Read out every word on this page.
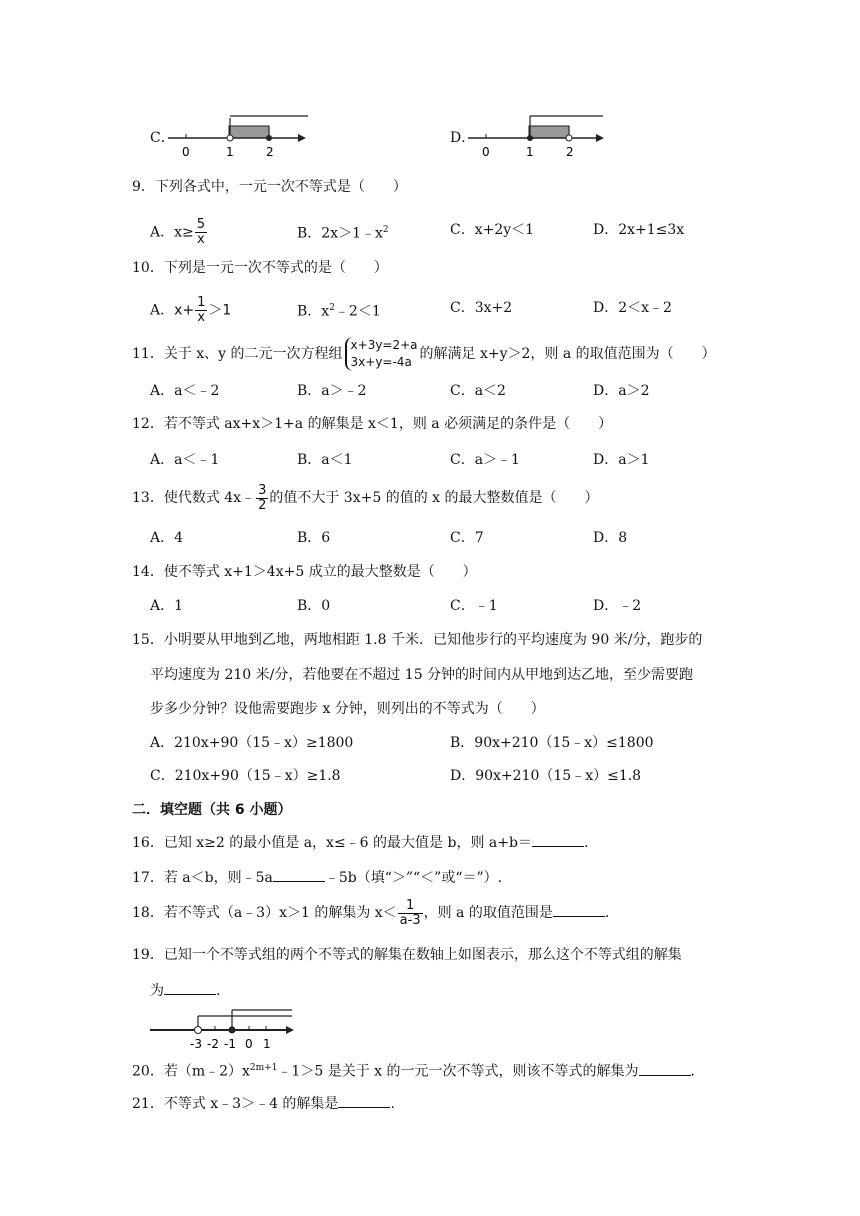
C．
0	1	2
D．
0	1	2
9．下列各式中，一元一次不等式是（　　）
A．$x\ge \frac{5}{x}$	B．$2x>1﹣x^2$	C．x+2y＜1	D．2x+1≤3x
10．下列是一元一次不等式的是（　　）
A．$x+ \frac{1}{x} >1$	B．$x^2﹣2<1$	C．3x+2	D．2＜x﹣2
11．关于 x、y 的二元一次方程组
x+3y=2+a
3x+y=-4a 的解满足 x+y＞2，则 a 的取值范围为（　　）
A．a＜﹣2	B．a＞﹣2	C．a＜2	D．a＞2
12．若不等式 ax+x＞1+a 的解集是 x＜1，则 a 必须满足的条件是（　　）
A．a＜﹣1	B．a＜1	C．a＞﹣1	D．a＞1
13．使代数式 4x﹣ $\frac{3}{2}$ 的值不大于 3x+5 的值的 x 的最大整数值是（　　）
A．4	B．6	C．7	D．8
14．使不等式 x+1＞4x+5 成立的最大整数是（　　）
A．1	B．0	C．﹣1	D．﹣2
15．小明要从甲地到乙地，两地相距 1.8 千米．已知他步行的平均速度为 90 米/分，跑步的
平均速度为 210 米/分，若他要在不超过 15 分钟的时间内从甲地到达乙地，至少需要跑
步多少分钟？设他需要跑步 x 分钟，则列出的不等式为（　　）
A．210x+90（15﹣x）≥1800	B．90x+210（15﹣x）≤1800
C．210x+90（15﹣x）≥1.8	D．90x+210（15﹣x）≤1.8
二．填空题（共 6 小题）
16．已知 x≥2 的最小值是 a，x≤﹣6 的最大值是 b，则 a+b＝	.
17．若 a＜b，则﹣5a	﹣5b（填“＞”“＜”或“＝”）.
18．若不等式（a﹣3）x＞1 的解集为 $x< \frac{1}{a-3}$ ，则 a 的取值范围是	.
19．已知一个不等式组的两个不等式的解集在数轴上如图表示，那么这个不等式组的解集
为	.
-3 -2 -1 0 1
20．若$(m﹣2)x^{2m+1}﹣1>5$ 是关于 x 的一元一次不等式，则该不等式的解集为	.
21．不等式 x﹣3＞﹣4 的解集是	.
